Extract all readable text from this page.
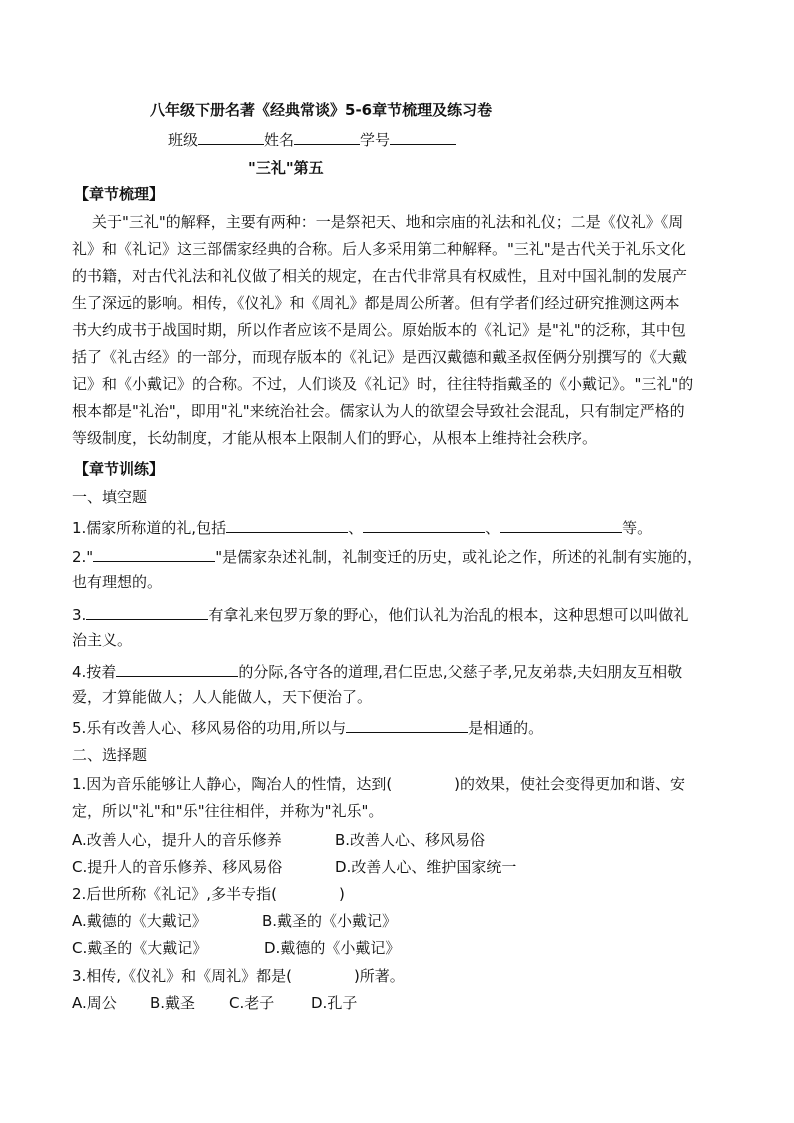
八年级下册名著《经典常谈》5-6章节梳理及练习卷
班级	姓名	学号
"三礼"第五
【章节梳理】
关于"三礼"的解释，主要有两种：一是祭祀天、地和宗庙的礼法和礼仪；二是《仪礼》《周
礼》和《礼记》这三部儒家经典的合称。后人多采用第二种解释。"三礼"是古代关于礼乐文化
的书籍，对古代礼法和礼仪做了相关的规定，在古代非常具有权威性，且对中国礼制的发展产
生了深远的影响。相传，《仪礼》和《周礼》都是周公所著。但有学者们经过研究推测这两本
书大约成书于战国时期，所以作者应该不是周公。原始版本的《礼记》是"礼"的泛称，其中包
括了《礼古经》的一部分，而现存版本的《礼记》是西汉戴德和戴圣叔侄俩分别撰写的《大戴
记》和《小戴记》的合称。不过，人们谈及《礼记》时，往往特指戴圣的《小戴记》。"三礼"的
根本都是"礼治"，即用"礼"来统治社会。儒家认为人的欲望会导致社会混乱，只有制定严格的
等级制度，长幼制度，才能从根本上限制人们的野心，从根本上维持社会秩序。
【章节训练】
一、填空题
1.儒家所称道的礼,包括	、	、	等。
2."	"是儒家杂述礼制，礼制变迁的历史，或礼论之作，所述的礼制有实施的，
也有理想的。
3.	有拿礼来包罗万象的野心，他们认礼为治乱的根本，这种思想可以叫做礼
治主义。
4.按着	的分际,各守各的道理,君仁臣忠,父慈子孝,兄友弟恭,夫妇朋友互相敬
爱，才算能做人；人人能做人，天下便治了。
5.乐有改善人心、移风易俗的功用,所以与	是相通的。
二、选择题
1.因为音乐能够让人静心，陶冶人的性情，达到(	)的效果，使社会变得更加和谐、安
定，所以"礼"和"乐"往往相伴，并称为"礼乐"。
A.改善人心，提升人的音乐修养	B.改善人心、移风易俗
C.提升人的音乐修养、移风易俗	D.改善人心、维护国家统一
2.后世所称《礼记》,多半专指(	)
A.戴德的《大戴记》	B.戴圣的《小戴记》
C.戴圣的《大戴记》	D.戴德的《小戴记》
3.相传,《仪礼》和《周礼》都是(	)所著。
A.周公 B.戴圣 C.老子 D.孔子
